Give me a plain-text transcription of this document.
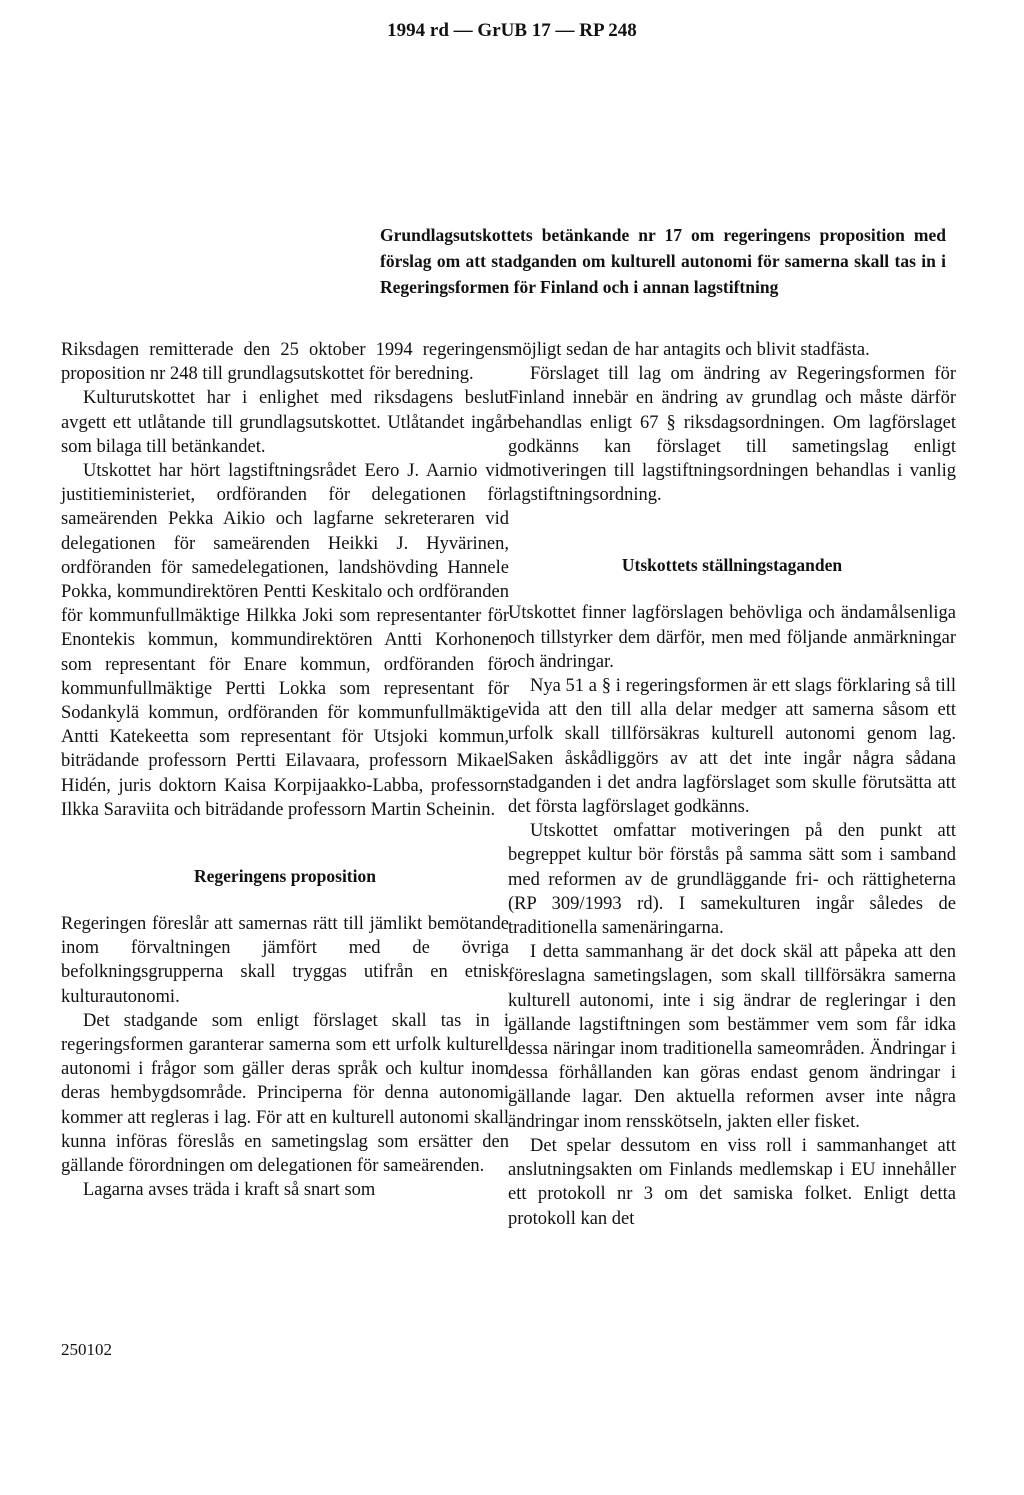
1994 rd — GrUB 17 — RP 248
Grundlagsutskottets betänkande nr 17 om regeringens proposition med förslag om att stadganden om kulturell autonomi för samerna skall tas in i Regeringsformen för Finland och i annan lagstiftning

Riksdagen remitterade den 25 oktober 1994 regeringens proposition nr 248 till grundlagsutskottet för beredning.

Kulturutskottet har i enlighet med riksdagens beslut avgett ett utlåtande till grundlagsutskottet. Utlåtandet ingår som bilaga till betänkandet.

Utskottet har hört lagstiftningsrådet Eero J. Aarnio vid justitieministeriet, ordföranden för delegationen för sameärenden Pekka Aikio och lagfarne sekreteraren vid delegationen för sameärenden Heikki J. Hyvärinen, ordföranden för samedelegationen, landshövding Hannele Pokka, kommundirektören Pentti Keskitalo och ordföranden för kommunfullmäktige Hilkka Joki som representanter för Enontekis kommun, kommundirektören Antti Korhonen som representant för Enare kommun, ordföranden för kommunfullmäktige Pertti Lokka som representant för Sodankylä kommun, ordföranden för kommunfullmäktige Antti Katekeetta som representant för Utsjoki kommun, biträdande professorn Pertti Eilavaara, professorn Mikael Hidén, juris doktorn Kaisa Korpijaakko-Labba, professorn Ilkka Saraviita och biträdande professorn Martin Scheinin.

Regeringens proposition

Regeringen föreslår att samernas rätt till jämlikt bemötande inom förvaltningen jämfört med de övriga befolkningsgrupperna skall tryggas utifrån en etnisk kulturautonomi.

Det stadgande som enligt förslaget skall tas in i regeringsformen garanterar samerna som ett urfolk kulturell autonomi i frågor som gäller deras språk och kultur inom deras hembygdsområde. Principerna för denna autonomi kommer att regleras i lag. För att en kulturell autonomi skall kunna införas föreslås en sametingslag som ersätter den gällande förordningen om delegationen för sameärenden.

Lagarna avses träda i kraft så snart som

möjligt sedan de har antagits och blivit stadfästa.

Förslaget till lag om ändring av Regeringsformen för Finland innebär en ändring av grundlag och måste därför behandlas enligt 67 § riksdagsordningen. Om lagförslaget godkänns kan förslaget till sametingslag enligt motiveringen till lagstiftningsordningen behandlas i vanlig lagstiftningsordning.

Utskottets ställningstaganden

Utskottet finner lagförslagen behövliga och ändamålsenliga och tillstyrker dem därför, men med följande anmärkningar och ändringar.

Nya 51 a § i regeringsformen är ett slags förklaring så till vida att den till alla delar medger att samerna såsom ett urfolk skall tillförsäkras kulturell autonomi genom lag. Saken åskådliggörs av att det inte ingår några sådana stadganden i det andra lagförslaget som skulle förutsätta att det första lagförslaget godkänns.

Utskottet omfattar motiveringen på den punkt att begreppet kultur bör förstås på samma sätt som i samband med reformen av de grundläggande fri- och rättigheterna (RP 309/1993 rd). I samekulturen ingår således de traditionella samenäringarna.

I detta sammanhang är det dock skäl att påpeka att den föreslagna sametingslagen, som skall tillförsäkra samerna kulturell autonomi, inte i sig ändrar de regleringar i den gällande lagstiftningen som bestämmer vem som får idka dessa näringar inom traditionella sameområden. Ändringar i dessa förhållanden kan göras endast genom ändringar i gällande lagar. Den aktuella reformen avser inte några ändringar inom rensskötseln, jakten eller fisket.

Det spelar dessutom en viss roll i sammanhanget att anslutningsakten om Finlands medlemskap i EU innehåller ett protokoll nr 3 om det samiska folket. Enligt detta protokoll kan det

250102
